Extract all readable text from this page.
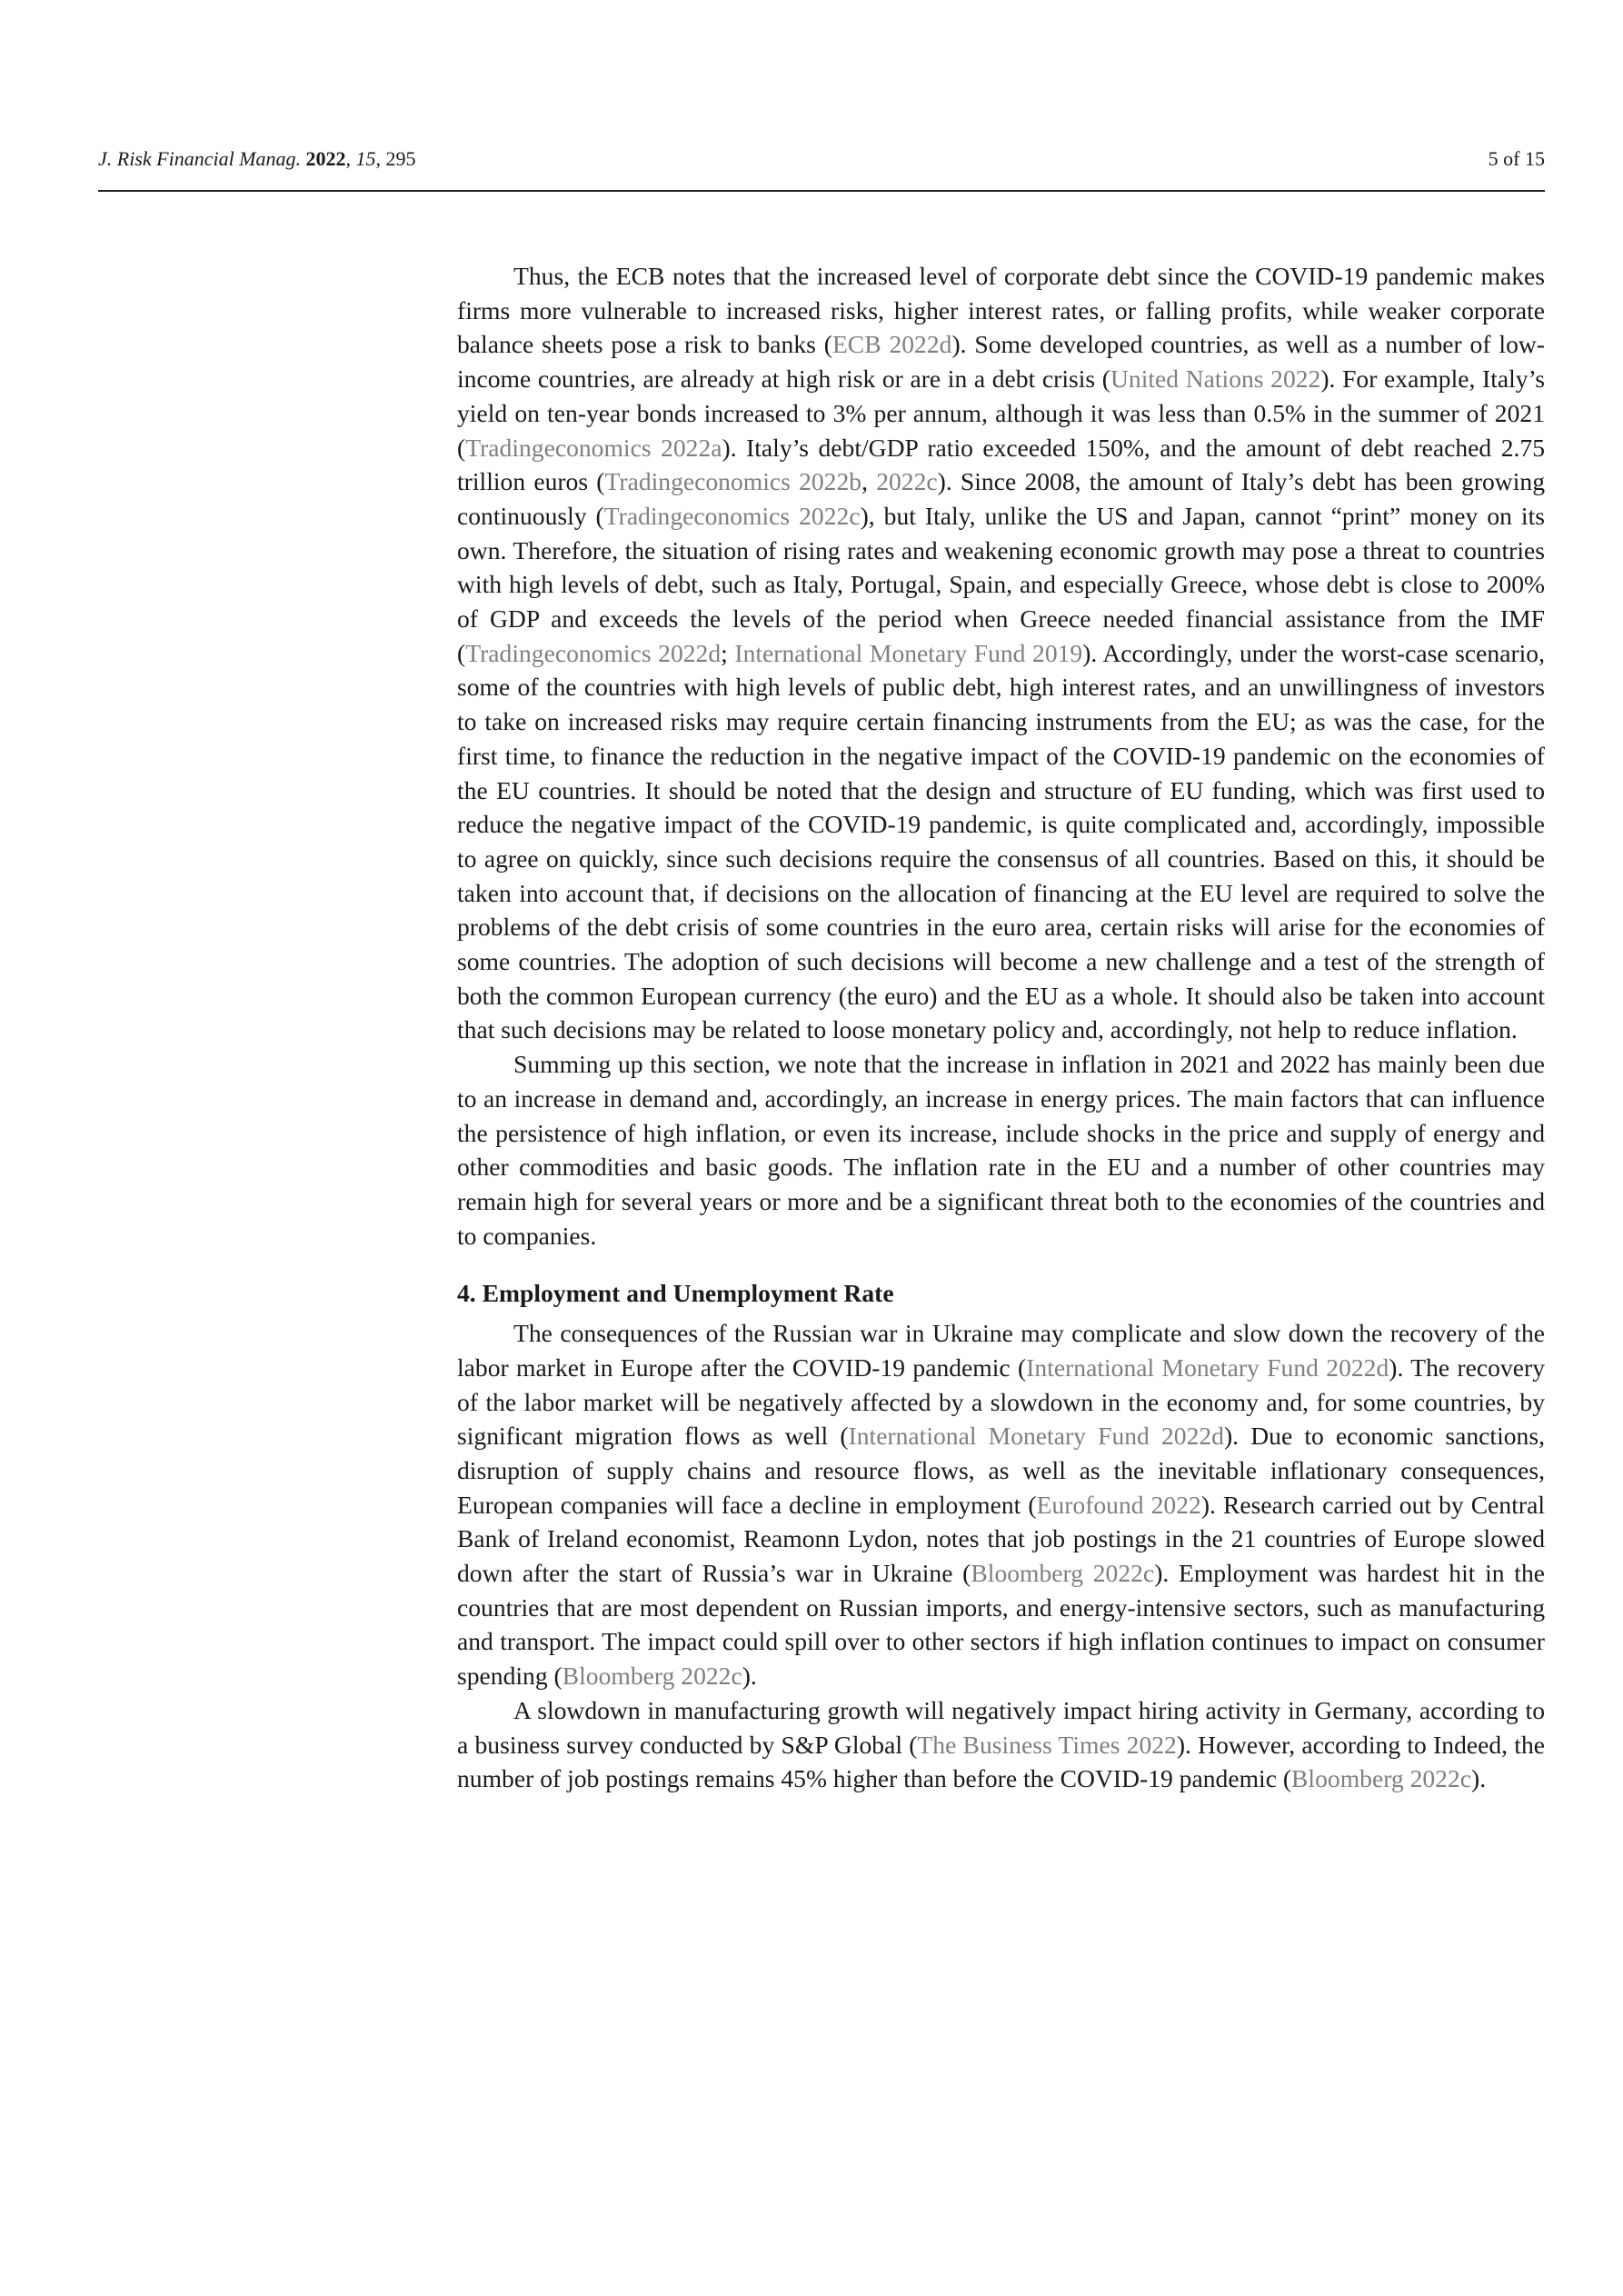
J. Risk Financial Manag. 2022, 15, 295	5 of 15

Thus, the ECB notes that the increased level of corporate debt since the COVID-19 pandemic makes firms more vulnerable to increased risks, higher interest rates, or falling profits, while weaker corporate balance sheets pose a risk to banks (ECB 2022d). Some developed countries, as well as a number of low-income countries, are already at high risk or are in a debt crisis (United Nations 2022). For example, Italy’s yield on ten-year bonds increased to 3% per annum, although it was less than 0.5% in the summer of 2021 (Tradingeconomics 2022a). Italy’s debt/GDP ratio exceeded 150%, and the amount of debt reached 2.75 trillion euros (Tradingeconomics 2022b, 2022c). Since 2008, the amount of Italy’s debt has been growing continuously (Tradingeconomics 2022c), but Italy, unlike the US and Japan, cannot “print” money on its own. Therefore, the situation of rising rates and weakening economic growth may pose a threat to countries with high levels of debt, such as Italy, Portugal, Spain, and especially Greece, whose debt is close to 200% of GDP and exceeds the levels of the period when Greece needed financial assistance from the IMF (Tradingeconomics 2022d; International Monetary Fund 2019). Accordingly, under the worst-case scenario, some of the countries with high levels of public debt, high interest rates, and an unwillingness of investors to take on increased risks may require certain financing instruments from the EU; as was the case, for the first time, to finance the reduction in the negative impact of the COVID-19 pandemic on the economies of the EU countries. It should be noted that the design and structure of EU funding, which was first used to reduce the negative impact of the COVID-19 pandemic, is quite complicated and, accordingly, impossible to agree on quickly, since such decisions require the consensus of all countries. Based on this, it should be taken into account that, if decisions on the allocation of financing at the EU level are required to solve the problems of the debt crisis of some countries in the euro area, certain risks will arise for the economies of some countries. The adoption of such decisions will become a new challenge and a test of the strength of both the common European currency (the euro) and the EU as a whole. It should also be taken into account that such decisions may be related to loose monetary policy and, accordingly, not help to reduce inflation.

Summing up this section, we note that the increase in inflation in 2021 and 2022 has mainly been due to an increase in demand and, accordingly, an increase in energy prices. The main factors that can influence the persistence of high inflation, or even its increase, include shocks in the price and supply of energy and other commodities and basic goods. The inflation rate in the EU and a number of other countries may remain high for several years or more and be a significant threat both to the economies of the countries and to companies.

4. Employment and Unemployment Rate

The consequences of the Russian war in Ukraine may complicate and slow down the recovery of the labor market in Europe after the COVID-19 pandemic (International Monetary Fund 2022d). The recovery of the labor market will be negatively affected by a slowdown in the economy and, for some countries, by significant migration flows as well (International Monetary Fund 2022d). Due to economic sanctions, disruption of supply chains and resource flows, as well as the inevitable inflationary consequences, European companies will face a decline in employment (Eurofound 2022). Research carried out by Central Bank of Ireland economist, Reamonn Lydon, notes that job postings in the 21 countries of Europe slowed down after the start of Russia’s war in Ukraine (Bloomberg 2022c). Employment was hardest hit in the countries that are most dependent on Russian imports, and energy-intensive sectors, such as manufacturing and transport. The impact could spill over to other sectors if high inflation continues to impact on consumer spending (Bloomberg 2022c).

A slowdown in manufacturing growth will negatively impact hiring activity in Germany, according to a business survey conducted by S&P Global (The Business Times 2022). However, according to Indeed, the number of job postings remains 45% higher than before the COVID-19 pandemic (Bloomberg 2022c).
